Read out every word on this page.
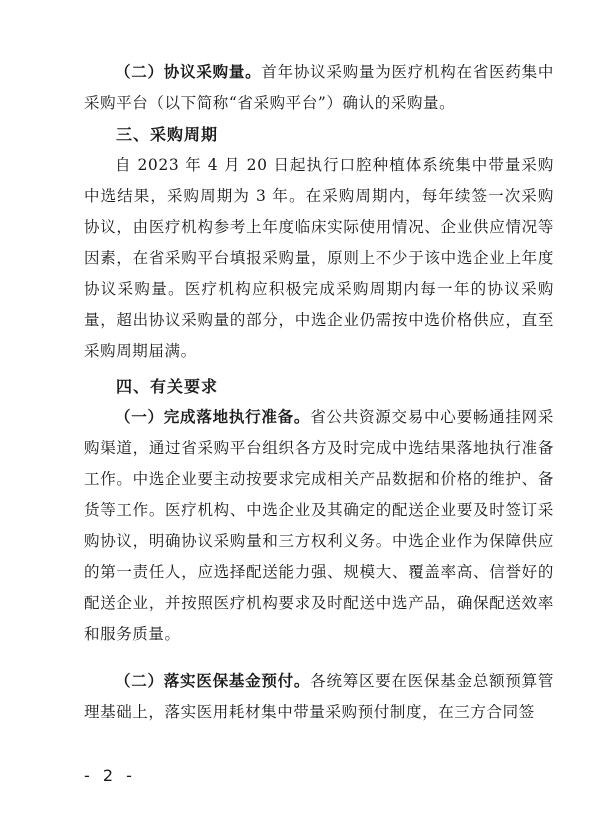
（二）协议采购量。首年协议采购量为医疗机构在省医药集中采购平台（以下简称“省采购平台”）确认的采购量。
三、采购周期
自 2023 年 4 月 20 日起执行口腔种植体系统集中带量采购中选结果，采购周期为 3 年。在采购周期内，每年续签一次采购协议，由医疗机构参考上年度临床实际使用情况、企业供应情况等因素，在省采购平台填报采购量，原则上不少于该中选企业上年度协议采购量。医疗机构应积极完成采购周期内每一年的协议采购量，超出协议采购量的部分，中选企业仍需按中选价格供应，直至采购周期届满。
四、有关要求
（一）完成落地执行准备。省公共资源交易中心要畅通挂网采购渠道，通过省采购平台组织各方及时完成中选结果落地执行准备工作。中选企业要主动按要求完成相关产品数据和价格的维护、备货等工作。医疗机构、中选企业及其确定的配送企业要及时签订采购协议，明确协议采购量和三方权利义务。中选企业作为保障供应的第一责任人，应选择配送能力强、规模大、覆盖率高、信誉好的配送企业，并按照医疗机构要求及时配送中选产品，确保配送效率和服务质量。
（二）落实医保基金预付。各统筹区要在医保基金总额预算管理基础上，落实医用耗材集中带量采购预付制度，在三方合同签
- 2 -
